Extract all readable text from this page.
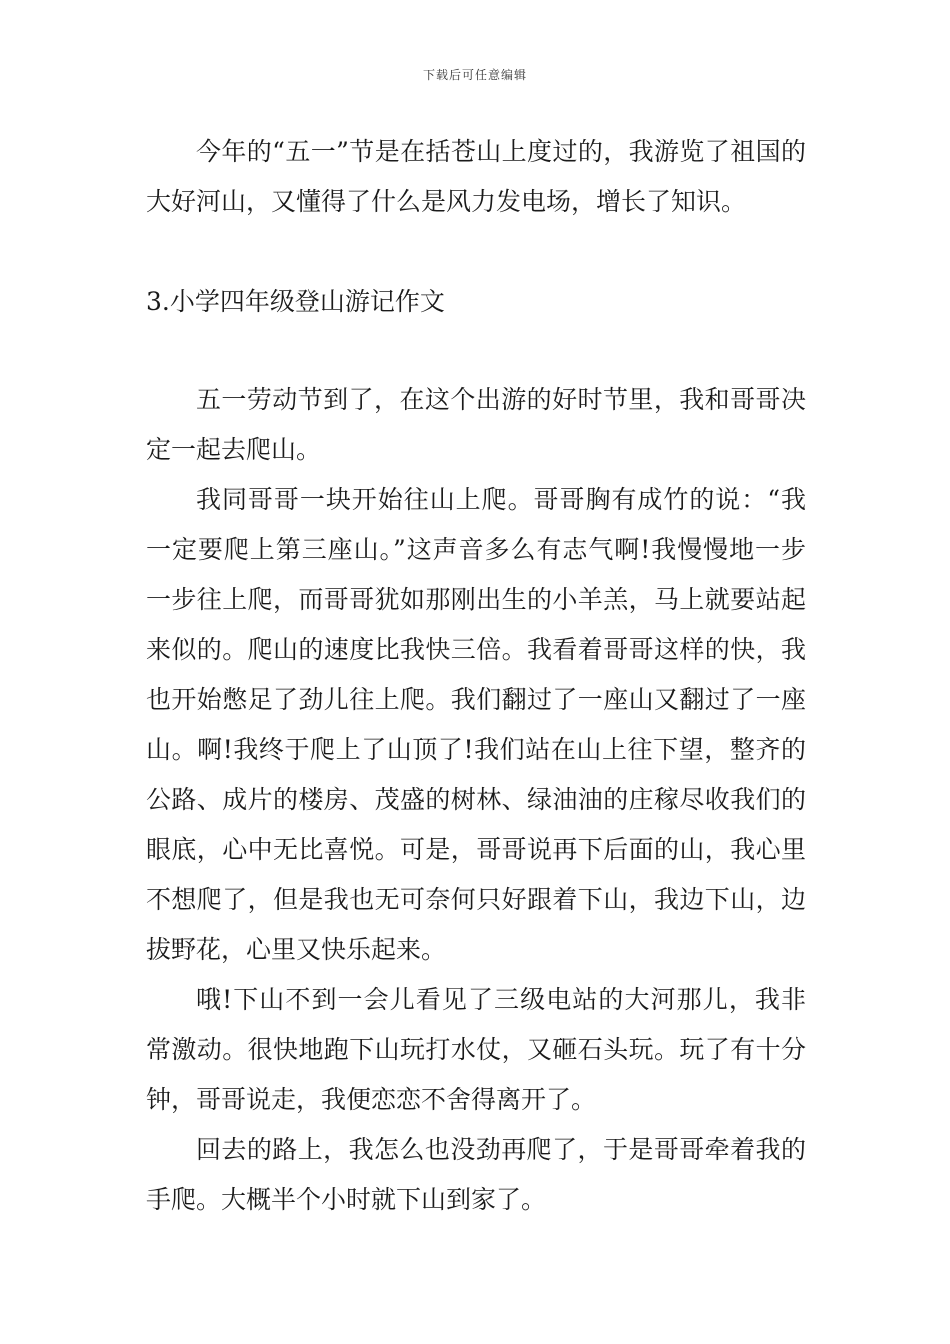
下载后可任意编辑

今年的“五一”节是在括苍山上度过的，我游览了祖国的大好河山，又懂得了什么是风力发电场，增长了知识。

3.小学四年级登山游记作文

五一劳动节到了，在这个出游的好时节里，我和哥哥决定一起去爬山。

我同哥哥一块开始往山上爬。哥哥胸有成竹的说：“我一定要爬上第三座山。”这声音多么有志气啊!我慢慢地一步一步往上爬，而哥哥犹如那刚出生的小羊羔，马上就要站起来似的。爬山的速度比我快三倍。我看着哥哥这样的快，我也开始憋足了劲儿往上爬。我们翻过了一座山又翻过了一座山。啊!我终于爬上了山顶了!我们站在山上往下望，整齐的公路、成片的楼房、茂盛的树林、绿油油的庄稼尽收我们的眼底，心中无比喜悦。可是，哥哥说再下后面的山，我心里不想爬了，但是我也无可奈何只好跟着下山，我边下山，边拔野花，心里又快乐起来。

哦!下山不到一会儿看见了三级电站的大河那儿，我非常激动。很快地跑下山玩打水仗，又砸石头玩。玩了有十分钟，哥哥说走，我便恋恋不舍得离开了。

回去的路上，我怎么也没劲再爬了，于是哥哥牵着我的手爬。大概半个小时就下山到家了。
